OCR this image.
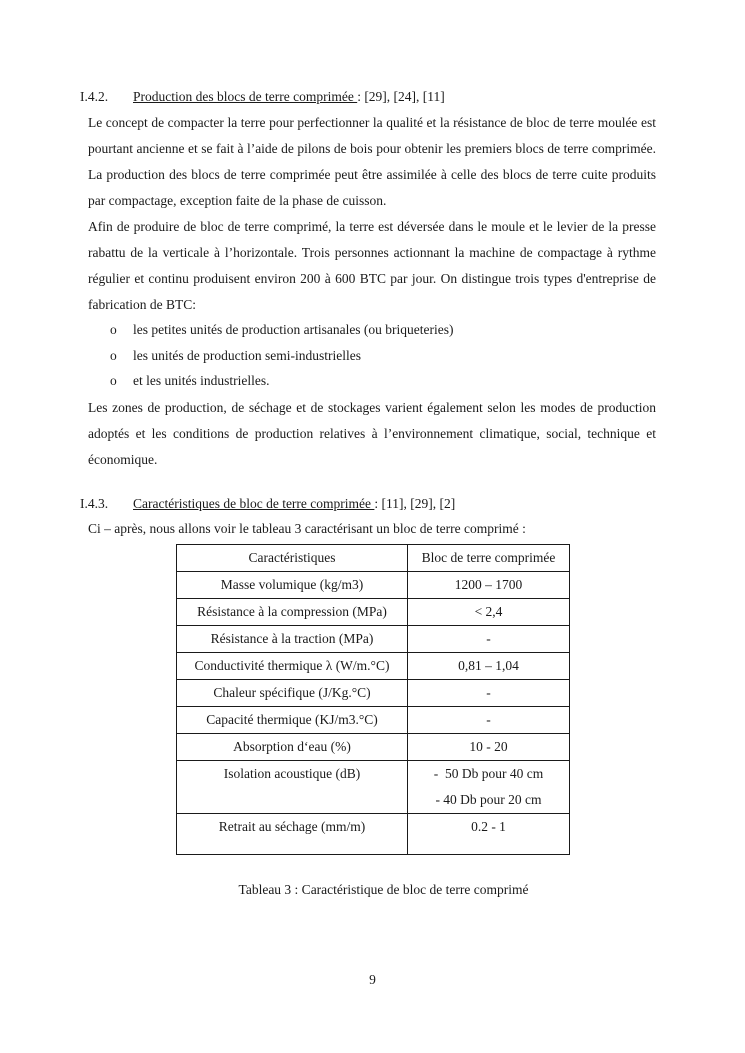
I.4.2. Production des blocs de terre comprimée : [29], [24], [11]
Le concept de compacter la terre pour perfectionner la qualité et la résistance de bloc de terre moulée est pourtant ancienne et se fait à l’aide de pilons de bois pour obtenir les premiers blocs de terre comprimée. La production des blocs de terre comprimée peut être assimilée à celle des blocs de terre cuite produits par compactage, exception faite de la phase de cuisson.
Afin de produire de bloc de terre comprimé, la terre est déversée dans le moule et le levier de la presse rabattu de la verticale à l’horizontale. Trois personnes actionnant la machine de compactage à rythme régulier et continu produisent environ 200 à 600 BTC par jour. On distingue trois types d'entreprise de fabrication de BTC:
o les petites unités de production artisanales (ou briqueteries)
o les unités de production semi-industrielles
o et les unités industrielles.
Les zones de production, de séchage et de stockages varient également selon les modes de production adoptés et les conditions de production relatives à l’environnement climatique, social, technique et économique.
I.4.3. Caractéristiques de bloc de terre comprimée : [11], [29], [2]
Ci – après, nous allons voir le tableau 3 caractérisant un bloc de terre comprimé :
Caractéristiques	Bloc de terre comprimée
Masse volumique (kg/m3)	1200 – 1700
Résistance à la compression (MPa)	< 2,4
Résistance à la traction (MPa)	-
Conductivité thermique λ (W/m.°C)	0,81 – 1,04
Chaleur spécifique (J/Kg.°C)	-
Capacité thermique (KJ/m3.°C)	-
Absorption d‘eau (%)	10 - 20
Isolation acoustique (dB)	-  50 Db pour 40 cm
- 40 Db pour 20 cm

Retrait au séchage (mm/m)	0.2 - 1
Tableau 3 : Caractéristique de bloc de terre comprimé
9
